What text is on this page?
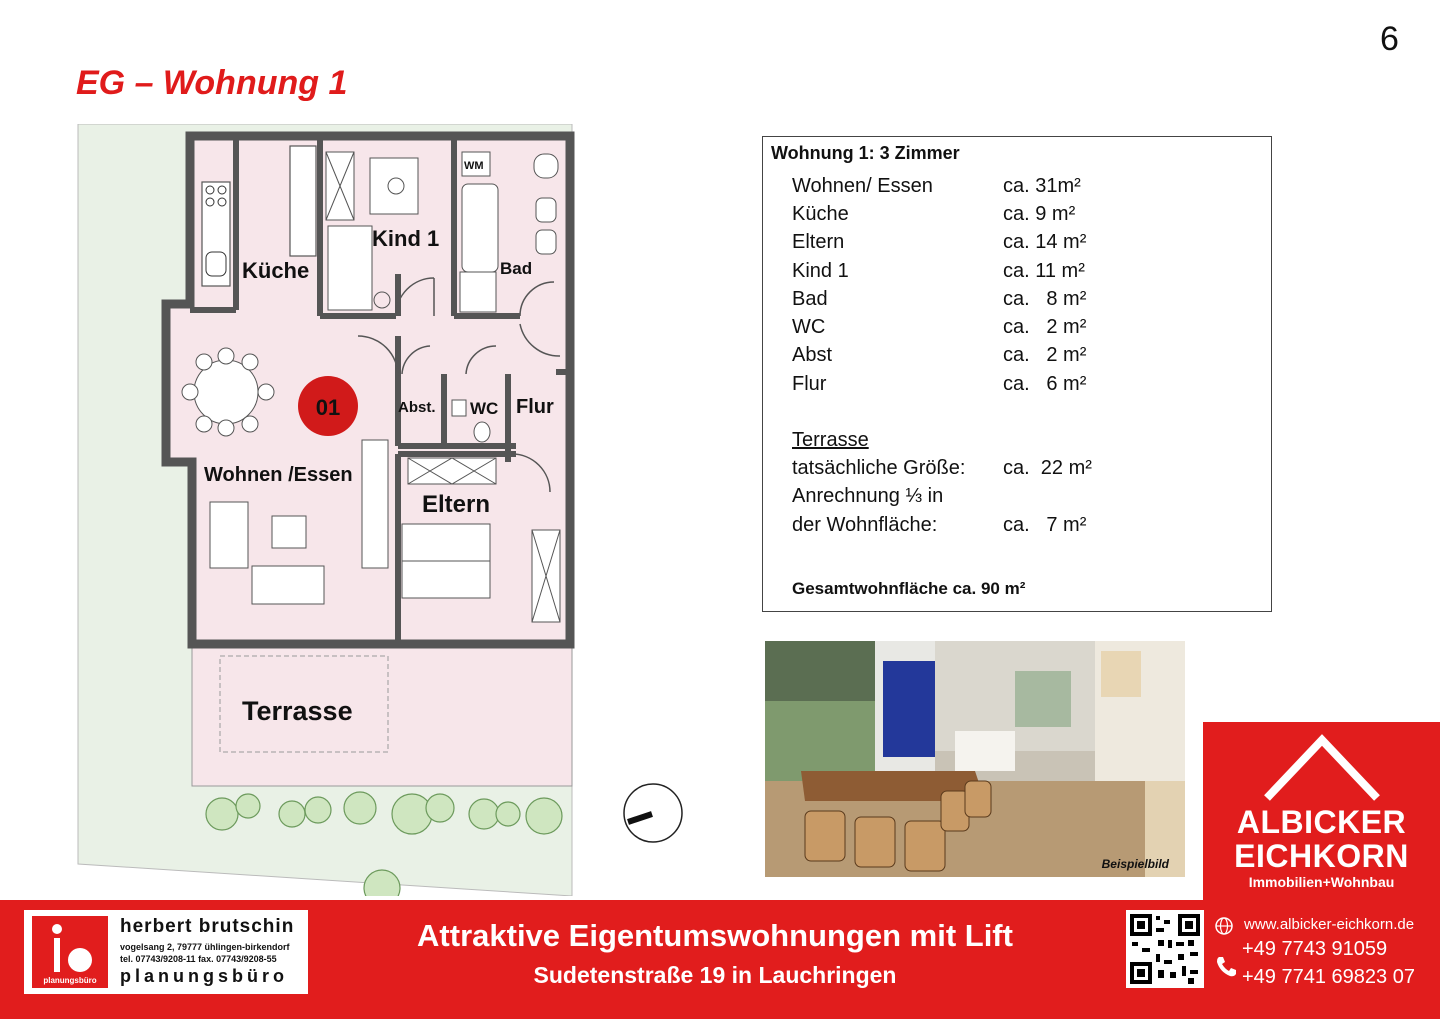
6
EG – Wohnung 1
01
Küche
Kind 1
Bad
WM
Abst. WC Flur
Wohnen /Essen
Eltern
Terrasse
Wohnung 1: 3 Zimmer
Wohnen/ Essen	ca. 31m²
Küche	ca. 9 m²
Eltern	ca. 14 m²
Kind 1	ca. 11 m²
Bad	ca.   8 m²
WC	ca.   2 m²
Abst	ca.   2 m²
Flur	ca.   6 m²
Terrasse
tatsächliche Größe: ca.  22 m²
Anrechnung ⅓ in
der Wohnfläche:	ca.   7 m²
Gesamtwohnfläche ca. 90 m²
Beispielbild
ALBICKER
EICHKORN
Immobilien+Wohnbau
planungsbüro
herbert brutschin
vogelsang 2, 79777 ühlingen-birkendorf
tel. 07743/9208-11 fax. 07743/9208-55
planungsbüro
Attraktive Eigentumswohnungen mit Lift
Sudetenstraße 19 in Lauchringen
www.albicker-eichkorn.de
+49 7743 91059
+49 7741 69823 07
